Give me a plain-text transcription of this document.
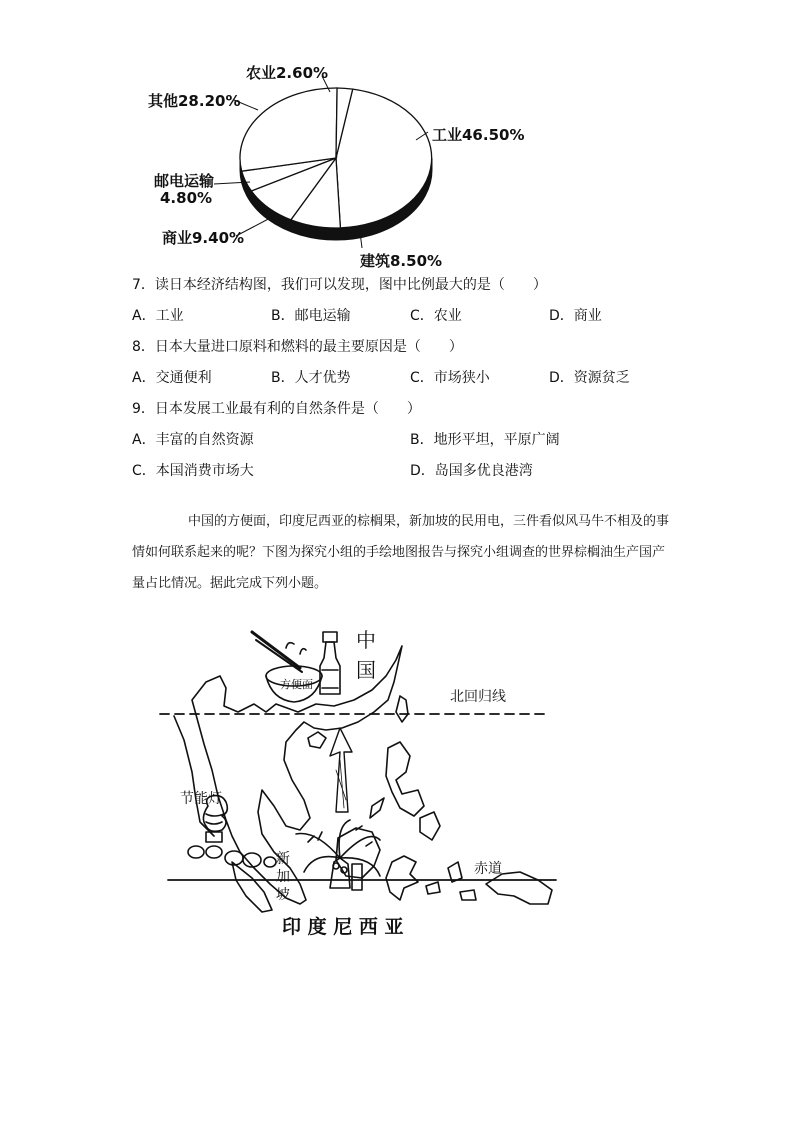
农业2.60%
其他28.20%
工业46.50%
邮电运输
4.80%
商业9.40%
建筑8.50%
7．读日本经济结构图，我们可以发现，图中比例最大的是（　　）
A．工业	B．邮电运输	C．农业	D．商业
8．日本大量进口原料和燃料的最主要原因是（　　）
A．交通便利	B．人才优势	C．市场狭小	D．资源贫乏
9．日本发展工业最有利的自然条件是（　　）
A．丰富的自然资源	B．地形平坦，平原广阔
C．本国消费市场大	D．岛国多优良港湾
中国的方便面，印度尼西亚的棕榈果，新加坡的民用电，三件看似风马牛不相及的事情如何联系起来的呢？下图为探究小组的手绘地图报告与探究小组调查的世界棕榈油生产国产量占比情况。据此完成下列小题。
中
国
方便面
北回归线
节能灯
新
加
坡
赤道
印 度 尼 西 亚
